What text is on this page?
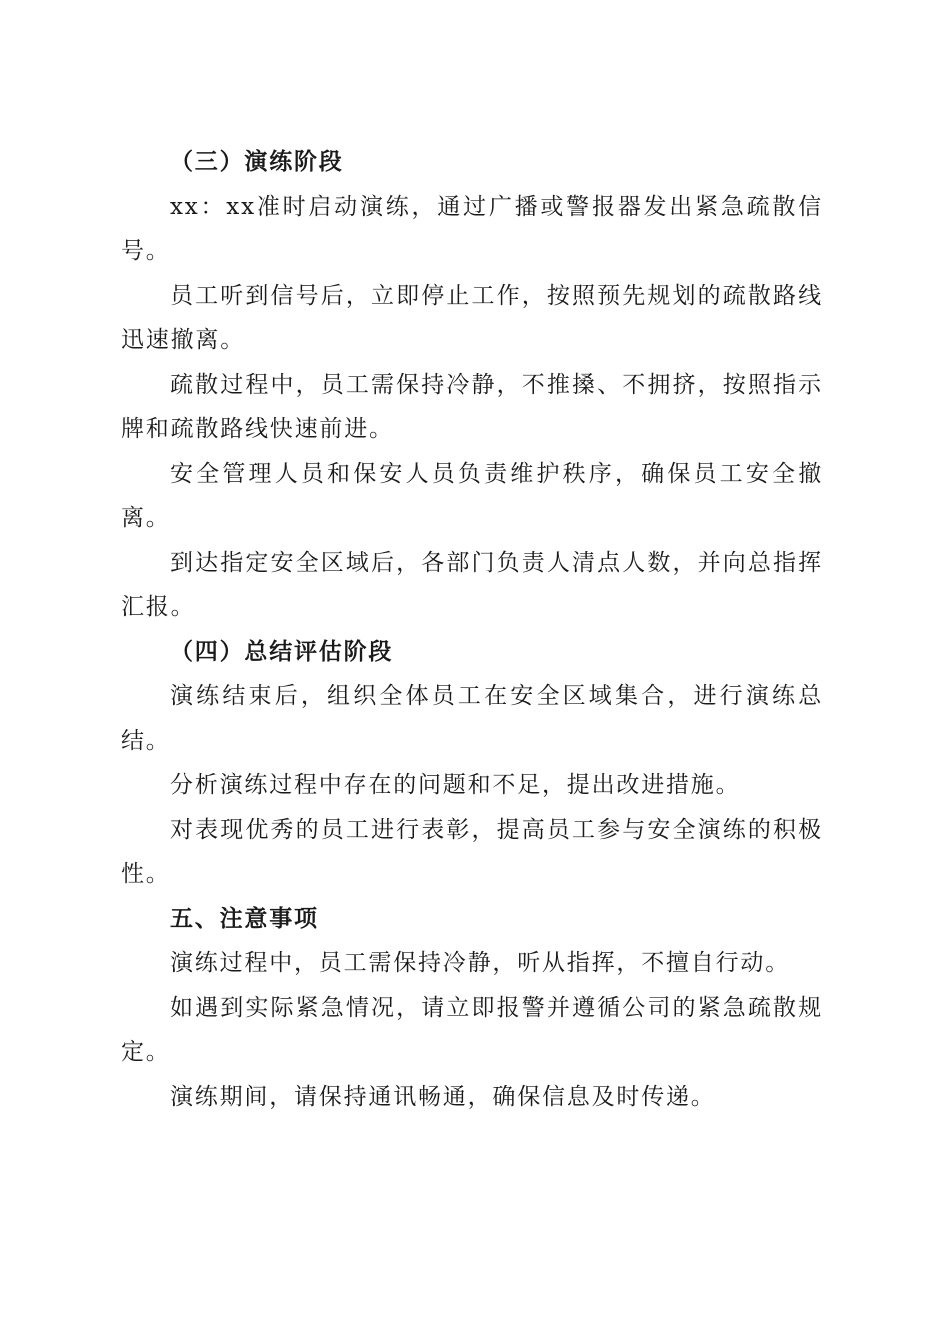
（三）演练阶段

xx：xx准时启动演练，通过广播或警报器发出紧急疏散信号。

员工听到信号后，立即停止工作，按照预先规划的疏散路线迅速撤离。

疏散过程中，员工需保持冷静，不推搡、不拥挤，按照指示牌和疏散路线快速前进。

安全管理人员和保安人员负责维护秩序，确保员工安全撤离。

到达指定安全区域后，各部门负责人清点人数，并向总指挥汇报。

（四）总结评估阶段

演练结束后，组织全体员工在安全区域集合，进行演练总结。

分析演练过程中存在的问题和不足，提出改进措施。

对表现优秀的员工进行表彰，提高员工参与安全演练的积极性。

五、注意事项

演练过程中，员工需保持冷静，听从指挥，不擅自行动。

如遇到实际紧急情况，请立即报警并遵循公司的紧急疏散规定。

演练期间，请保持通讯畅通，确保信息及时传递。
